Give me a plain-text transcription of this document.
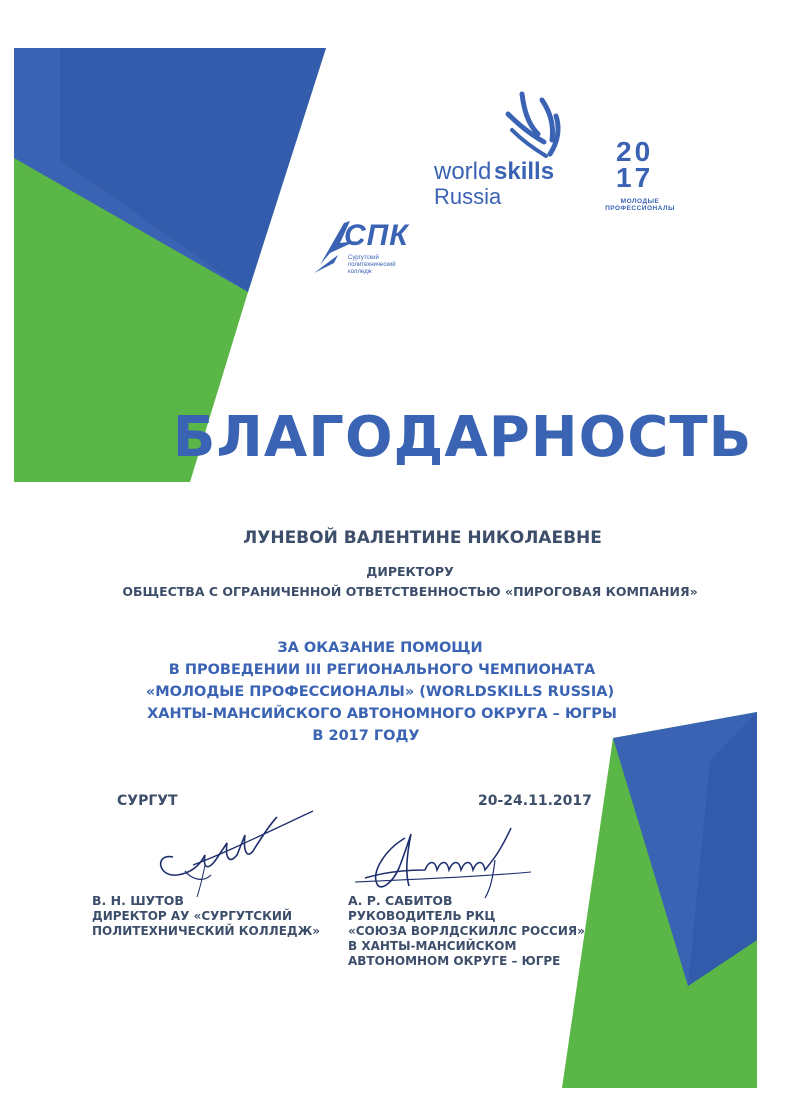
СПК
Сургутский
политехнический
колледж
world skills
Russia
20
17
МОЛОДЫЕ ПРОФЕССИОНАЛЫ
БЛАГОДАРНОСТЬ
ЛУНЕВОЙ ВАЛЕНТИНЕ НИКОЛАЕВНЕ
ДИРЕКТОРУ
ОБЩЕСТВА С ОГРАНИЧЕННОЙ ОТВЕТСТВЕННОСТЬЮ «ПИРОГОВАЯ КОМПАНИЯ»
ЗА ОКАЗАНИЕ ПОМОЩИ
В ПРОВЕДЕНИИ III РЕГИОНАЛЬНОГО ЧЕМПИОНАТА
«МОЛОДЫЕ ПРОФЕССИОНАЛЫ» (WORLDSKILLS RUSSIA)
ХАНТЫ-МАНСИЙСКОГО АВТОНОМНОГО ОКРУГА – ЮГРЫ
В 2017 ГОДУ
СУРГУТ	20-24.11.2017
В. Н. ШУТОВ
ДИРЕКТОР АУ «СУРГУТСКИЙ
ПОЛИТЕХНИЧЕСКИЙ КОЛЛЕДЖ»
А. Р. САБИТОВ
РУКОВОДИТЕЛЬ РКЦ
«СОЮЗА ВОРЛДСКИЛЛС РОССИЯ»
В ХАНТЫ-МАНСИЙСКОМ
АВТОНОМНОМ ОКРУГЕ – ЮГРЕ
